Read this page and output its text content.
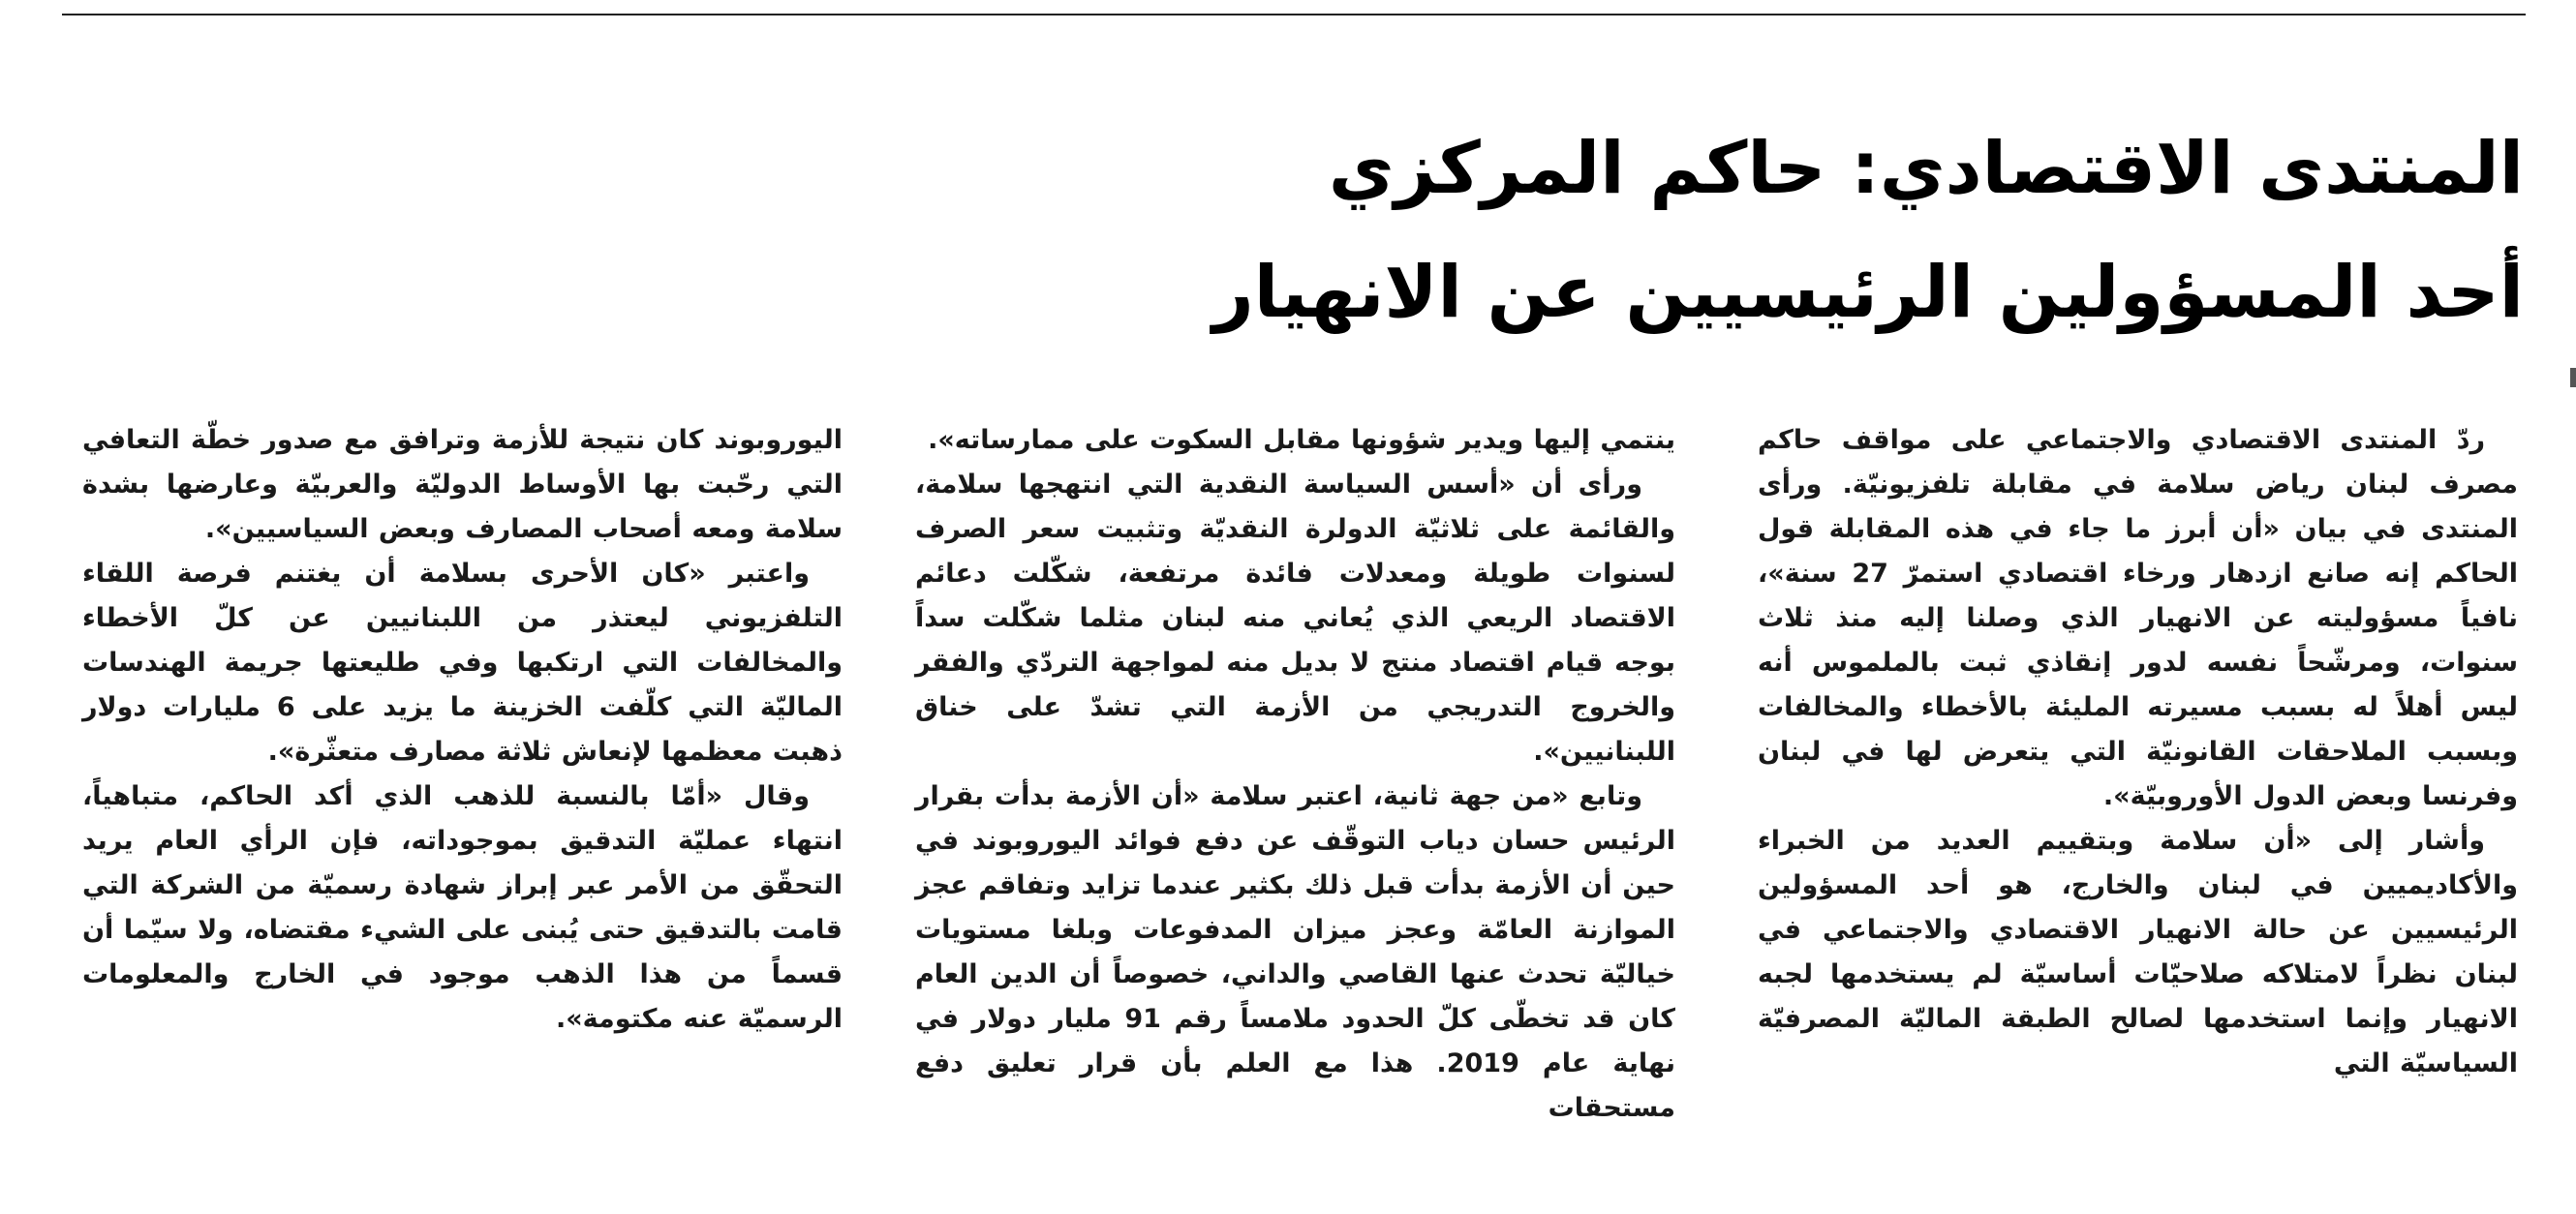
المنتدى الاقتصادي: حاكم المركزي
أحد المسؤولين الرئيسيين عن الانهيار

ردّ المنتدى الاقتصادي والاجتماعي على مواقف حاكم مصرف لبنان رياض سلامة في مقابلة تلفزيونيّة. ورأى المنتدى في بيان «أن أبرز ما جاء في هذه المقابلة قول الحاكم إنه صانع ازدهار ورخاء اقتصادي استمرّ 27 سنة»، نافياً مسؤوليته عن الانهيار الذي وصلنا إليه منذ ثلاث سنوات، ومرشّحاً نفسه لدور إنقاذي ثبت بالملموس أنه ليس أهلاً له بسبب مسيرته المليئة بالأخطاء والمخالفات وبسبب الملاحقات القانونيّة التي يتعرض لها في لبنان وفرنسا وبعض الدول الأوروبيّة».

وأشار إلى «أن سلامة وبتقييم العديد من الخبراء والأكاديميين في لبنان والخارج، هو أحد المسؤولين الرئيسيين عن حالة الانهيار الاقتصادي والاجتماعي في لبنان نظراً لامتلاكه صلاحيّات أساسيّة لم يستخدمها لجبه الانهيار وإنما استخدمها لصالح الطبقة الماليّة المصرفيّة السياسيّة التي

ينتمي إليها ويدير شؤونها مقابل السكوت على ممارساته».

ورأى أن «أسس السياسة النقدية التي انتهجها سلامة، والقائمة على ثلاثيّة الدولرة النقديّة وتثبيت سعر الصرف لسنوات طويلة ومعدلات فائدة مرتفعة، شكّلت دعائم الاقتصاد الريعي الذي يُعاني منه لبنان مثلما شكّلت سداً بوجه قيام اقتصاد منتج لا بديل منه لمواجهة التردّي والفقر والخروج التدريجي من الأزمة التي تشدّ على خناق اللبنانيين».

وتابع «من جهة ثانية، اعتبر سلامة «أن الأزمة بدأت بقرار الرئيس حسان دياب التوقّف عن دفع فوائد اليوروبوند في حين أن الأزمة بدأت قبل ذلك بكثير عندما تزايد وتفاقم عجز الموازنة العامّة وعجز ميزان المدفوعات وبلغا مستويات خياليّة تحدث عنها القاصي والداني، خصوصاً أن الدين العام كان قد تخطّى كلّ الحدود ملامساً رقم 91 مليار دولار في نهاية عام 2019. هذا مع العلم بأن قرار تعليق دفع مستحقات

اليوروبوند كان نتيجة للأزمة وترافق مع صدور خطّة التعافي التي رحّبت بها الأوساط الدوليّة والعربيّة وعارضها بشدة سلامة ومعه أصحاب المصارف وبعض السياسيين».

واعتبر «كان الأحرى بسلامة أن يغتنم فرصة اللقاء التلفزيوني ليعتذر من اللبنانيين عن كلّ الأخطاء والمخالفات التي ارتكبها وفي طليعتها جريمة الهندسات الماليّة التي كلّفت الخزينة ما يزيد على 6 مليارات دولار ذهبت معظمها لإنعاش ثلاثة مصارف متعثّرة».

وقال «أمّا بالنسبة للذهب الذي أكد الحاكم، متباهياً، انتهاء عمليّة التدقيق بموجوداته، فإن الرأي العام يريد التحقّق من الأمر عبر إبراز شهادة رسميّة من الشركة التي قامت بالتدقيق حتى يُبنى على الشيء مقتضاه، ولا سيّما أن قسماً من هذا الذهب موجود في الخارج والمعلومات الرسميّة عنه مكتومة».
